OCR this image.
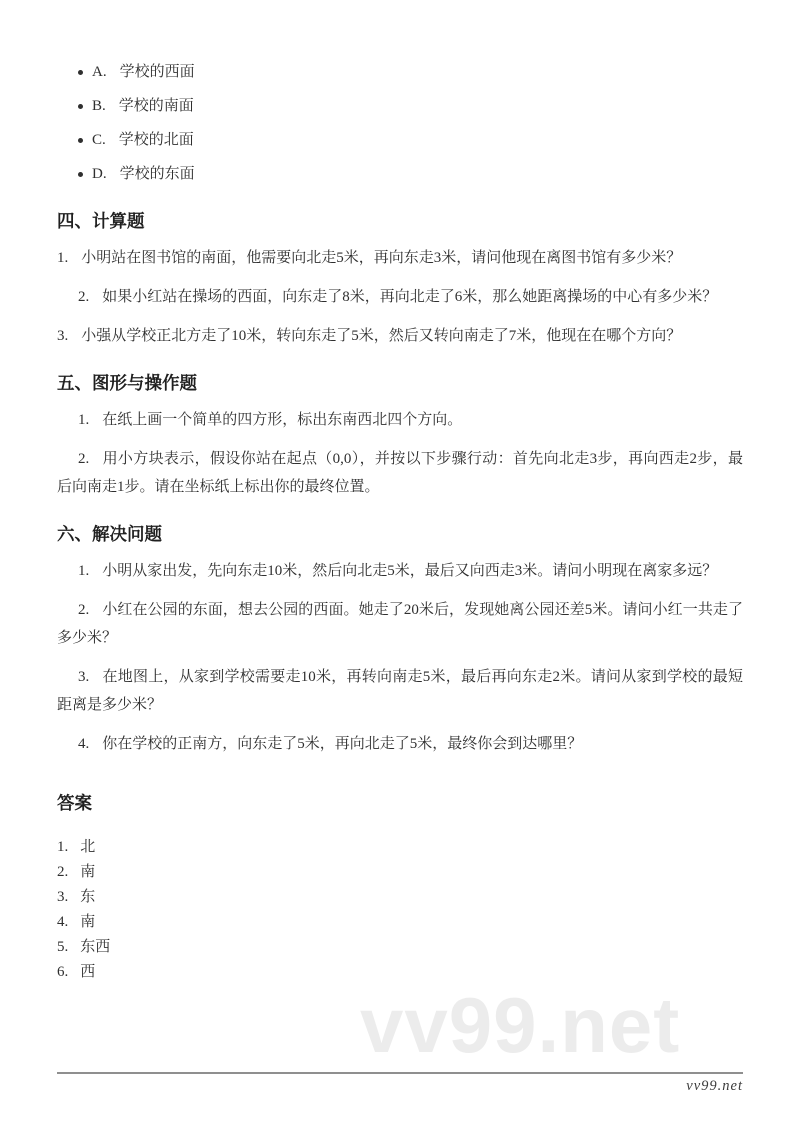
A. 学校的西面
B. 学校的南面
C. 学校的北面
D. 学校的东面
四、计算题

1. 小明站在图书馆的南面，他需要向北走5米，再向东走3米，请问他现在离图书馆有多少米？

2. 如果小红站在操场的西面，向东走了8米，再向北走了6米，那么她距离操场的中心有多少米？

3. 小强从学校正北方走了10米，转向东走了5米，然后又转向南走了7米，他现在在哪个方向？

五、图形与操作题

1. 在纸上画一个简单的四方形，标出东南西北四个方向。

2. 用小方块表示，假设你站在起点（0,0），并按以下步骤行动：首先向北走3步，再向西走2步，最后向南走1步。请在坐标纸上标出你的最终位置。

六、解决问题

1. 小明从家出发，先向东走10米，然后向北走5米，最后又向西走3米。请问小明现在离家多远？

2. 小红在公园的东面，想去公园的西面。她走了20米后，发现她离公园还差5米。请问小红一共走了多少米？

3. 在地图上，从家到学校需要走10米，再转向南走5米，最后再向东走2米。请问从家到学校的最短距离是多少米？

4. 你在学校的正南方，向东走了5米，再向北走了5米，最终你会到达哪里？

答案
1. 北
2. 南
3. 东
4. 南
5. 东西
6. 西
vv99.net
vv99.net
